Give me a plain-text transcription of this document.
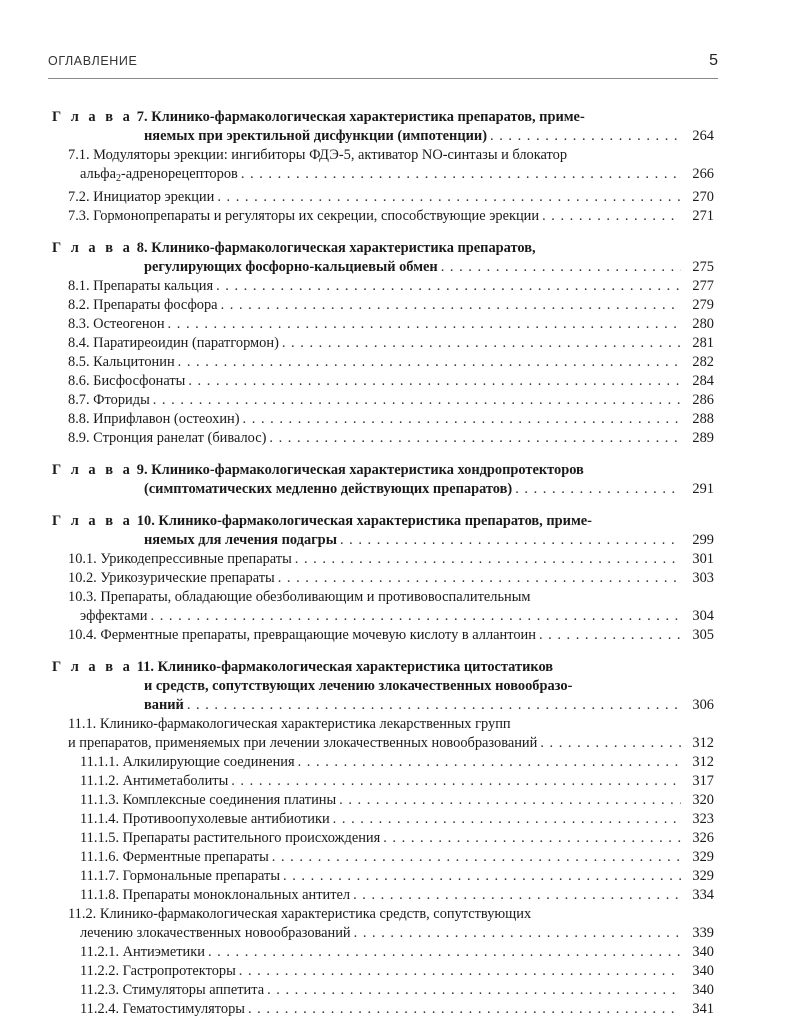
ОГЛАВЛЕНИЕ	5
Г л а в а 7.
Клинико-фармакологическая характеристика препаратов, приме-
няемых при эректильной дисфункции (импотенции) . . .	264
7.1. Модуляторы эрекции: ингибиторы ФДЭ-5, активатор NO-синтазы и блокатор
альфа$_2$-адренорецепторов . . .	266
7.2. Инициатор эрекции . . .	270
7.3. Гормонопрепараты и регуляторы их секреции, способствующие эрекции . . .	271
Г л а в а 8.
Клинико-фармакологическая характеристика препаратов,
регулирующих фосфорно-кальциевый обмен . . .	275
8.1. Препараты кальция . . .	277
8.2. Препараты фосфора . . .	279
8.3. Остеогенон . . .	280
8.4. Паратиреоидин (паратгормон) . . .	281
8.5. Кальцитонин . . .	282
8.6. Бисфосфонаты . . .	284
8.7. Фториды . . .	286
8.8. Иприфлавон (остеохин) . . .	288
8.9. Стронция ранелат (бивалос) . . .	289
Г л а в а 9.
Клинико-фармакологическая характеристика хондропротекторов
(симптоматических медленно действующих препаратов) . . .	291
Г л а в а 10.
Клинико-фармакологическая характеристика препаратов, приме-
няемых для лечения подагры . . .	299
10.1. Урикодепрессивные препараты . . .	301
10.2. Урикозурические препараты . . .	303
10.3. Препараты, обладающие обезболивающим и противовоспалительным
эффектами . . .	304
10.4. Ферментные препараты, превращающие мочевую кислоту в аллантоин . . .	305
Г л а в а 11.
Клинико-фармакологическая характеристика цитостатиков
и средств, сопутствующих лечению злокачественных новообразо-
ваний . . .	306
11.1. Клинико-фармакологическая характеристика лекарственных групп
и препаратов, применяемых при лечении злокачественных новообразований . . .	312
11.1.1. Алкилирующие соединения . . .	312
11.1.2. Антиметаболиты . . .	317
11.1.3. Комплексные соединения платины . . .	320
11.1.4. Противоопухолевые антибиотики . . .	323
11.1.5. Препараты растительного происхождения . . .	326
11.1.6. Ферментные препараты . . .	329
11.1.7. Гормональные препараты . . .	329
11.1.8. Препараты моноклональных антител . . .	334
11.2. Клинико-фармакологическая характеристика средств, сопутствующих
лечению злокачественных новообразований . . .	339
11.2.1. Антиэметики . . .	340
11.2.2. Гастропротекторы . . .	340
11.2.3. Стимуляторы аппетита . . .	340
11.2.4. Гематостимуляторы . . .	341
